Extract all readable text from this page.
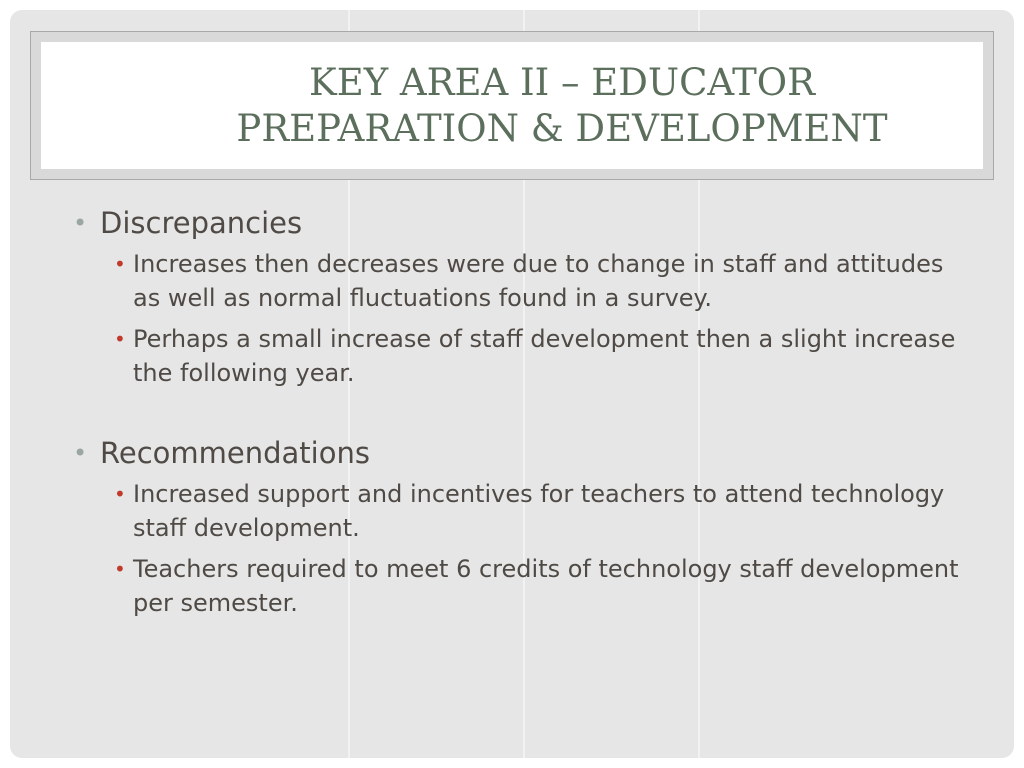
KEY AREA II – EDUCATOR
PREPARATION & DEVELOPMENT
• Discrepancies
• Increases then decreases were due to change in staff and attitudes as well as normal fluctuations found in a survey.
• Perhaps a small increase of staff development then a slight increase the following year.
• Recommendations
• Increased support and incentives for teachers to attend technology staff development.
• Teachers required to meet 6 credits of technology staff development per semester.
